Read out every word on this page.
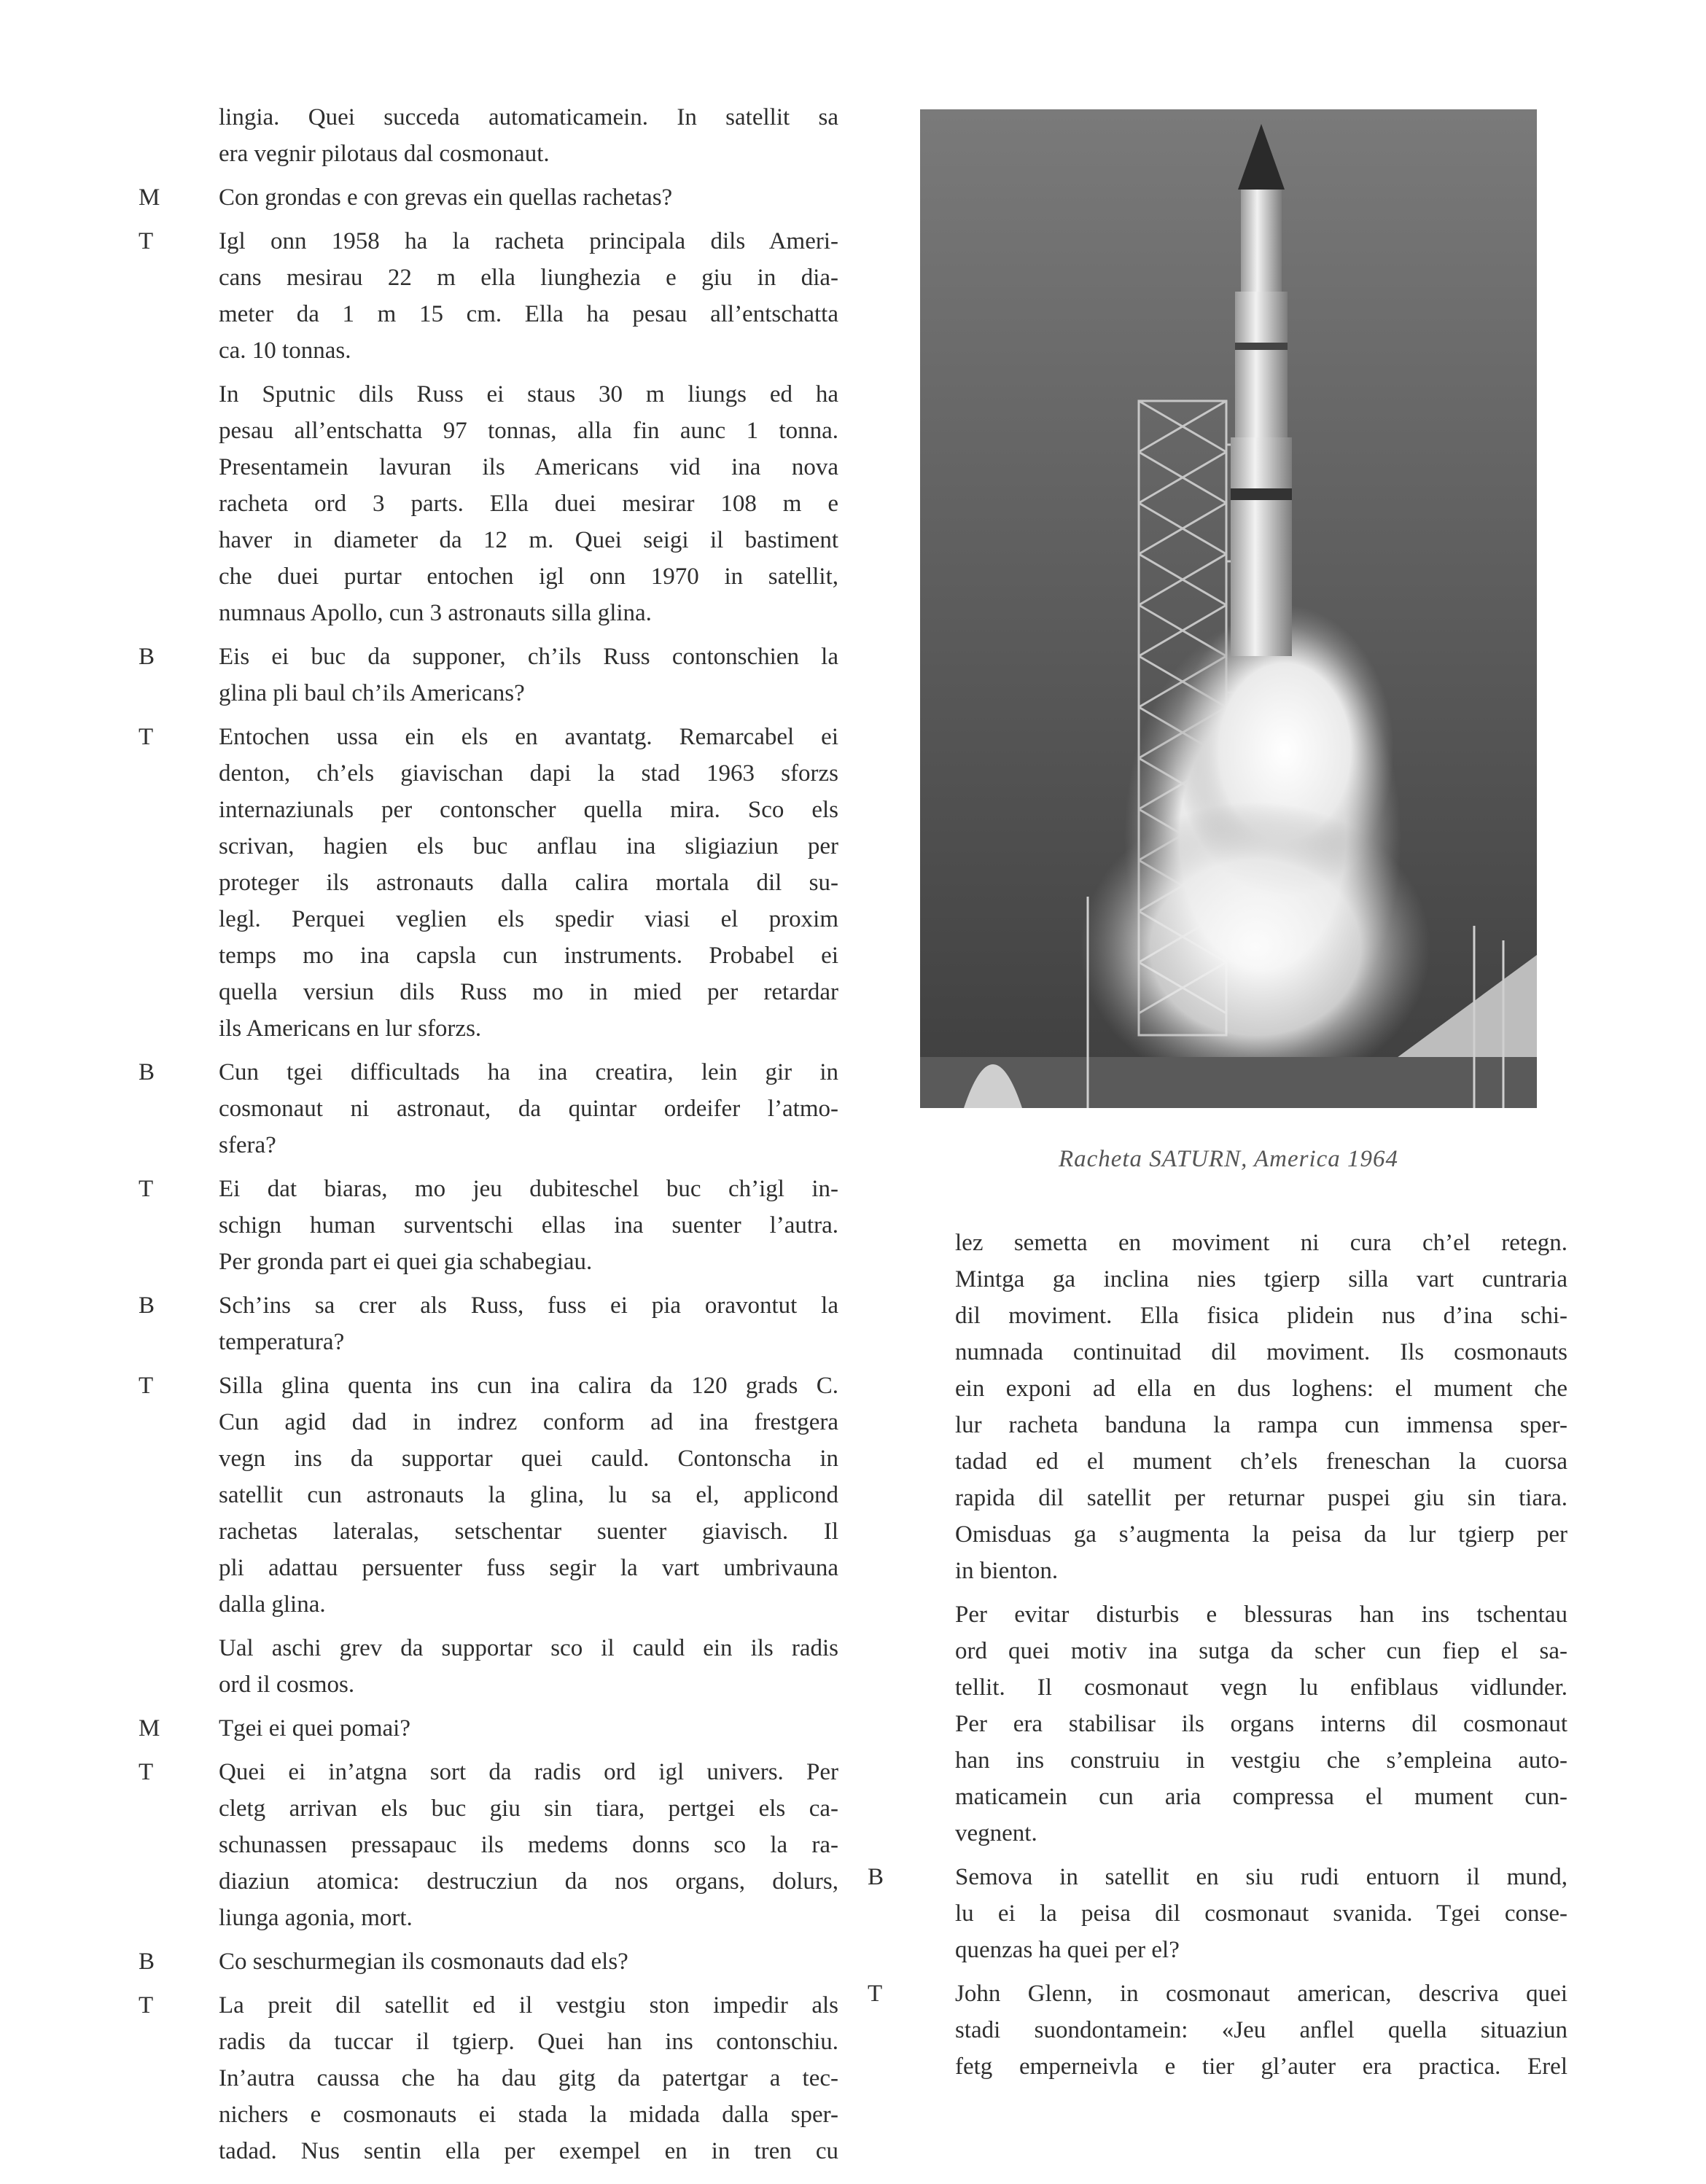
lingia. Quei succeda automaticamein. In satellit sa
era vegnir pilotaus dal cosmonaut.
M	Con grondas e con grevas ein quellas rachetas?
T	Igl onn 1958 ha la racheta principala dils Ameri-
cans mesirau 22 m ella liunghezia e giu in dia-
meter da 1 m 15 cm. Ella ha pesau all’entschatta
ca. 10 tonnas.
In Sputnic dils Russ ei staus 30 m liungs ed ha
pesau all’entschatta 97 tonnas, alla fin aunc 1 tonna.
Presentamein lavuran ils Americans vid ina nova
racheta ord 3 parts. Ella duei mesirar 108 m e
haver in diameter da 12 m. Quei seigi il bastiment
che duei purtar entochen igl onn 1970 in satellit,
numnaus Apollo, cun 3 astronauts silla glina.
B	Eis ei buc da supponer, ch’ils Russ contonschien la
glina pli baul ch’ils Americans?
T	Entochen ussa ein els en avantatg. Remarcabel ei
denton, ch’els giavischan dapi la stad 1963 sforzs
internaziunals per contonscher quella mira. Sco els
scrivan, hagien els buc anflau ina sligiaziun per
proteger ils astronauts dalla calira mortala dil su-
legl. Perquei veglien els spedir viasi el proxim
temps mo ina capsla cun instruments. Probabel ei
quella versiun dils Russ mo in mied per retardar
ils Americans en lur sforzs.
B	Cun tgei difficultads ha ina creatira, lein gir in
cosmonaut ni astronaut, da quintar ordeifer l’atmo-
sfera?
T	Ei dat biaras, mo jeu dubiteschel buc ch’igl in-
schign human surventschi ellas ina suenter l’autra.
Per gronda part ei quei gia schabegiau.
B	Sch’ins sa crer als Russ, fuss ei pia oravontut la
temperatura?
T	Silla glina quenta ins cun ina calira da 120 grads C.
Cun agid dad in indrez conform ad ina frestgera
vegn ins da supportar quei cauld. Contonscha in
satellit cun astronauts la glina, lu sa el, applicond
rachetas lateralas, setschentar suenter giavisch. Il
pli adattau persuenter fuss segir la vart umbrivauna
dalla glina.
Ual aschi grev da supportar sco il cauld ein ils radis
ord il cosmos.
M	Tgei ei quei pomai?
T	Quei ei in’atgna sort da radis ord igl univers. Per
cletg arrivan els buc giu sin tiara, pertgei els ca-
schunassen pressapauc ils medems donns sco la ra-
diaziun atomica: destrucziun da nos organs, dolurs,
liunga agonia, mort.
B	Co seschurmegian ils cosmonauts dad els?
T	La preit dil satellit ed il vestgiu ston impedir als
radis da tuccar il tgierp. Quei han ins contonschiu.
In’autra caussa che ha dau gitg da patertgar a tec-
nichers e cosmonauts ei stada la midada dalla sper-
tadad. Nus sentin ella per exempel en in tren cu
Racheta SATURN, America 1964
lez semetta en moviment ni cura ch’el retegn.
Mintga ga inclina nies tgierp silla vart cuntraria
dil moviment. Ella fisica plidein nus d’ina schi-
numnada continuitad dil moviment. Ils cosmonauts
ein exponi ad ella en dus loghens: el mument che
lur racheta banduna la rampa cun immensa sper-
tadad ed el mument ch’els freneschan la cuorsa
rapida dil satellit per returnar puspei giu sin tiara.
Omisduas ga s’augmenta la peisa da lur tgierp per
in bienton.
Per evitar disturbis e blessuras han ins tschentau
ord quei motiv ina sutga da scher cun fiep el sa-
tellit. Il cosmonaut vegn lu enfiblaus vidlunder.
Per era stabilisar ils organs interns dil cosmonaut
han ins construiu in vestgiu che s’empleina auto-
maticamein cun aria compressa el mument cun-
vegnent.
B	Semova in satellit en siu rudi entuorn il mund,
lu ei la peisa dil cosmonaut svanida. Tgei conse-
quenzas ha quei per el?
T	John Glenn, in cosmonaut american, descriva quei
stadi suondontamein: «Jeu anflel quella situaziun
fetg emperneivla e tier gl’auter era practica. Erel
